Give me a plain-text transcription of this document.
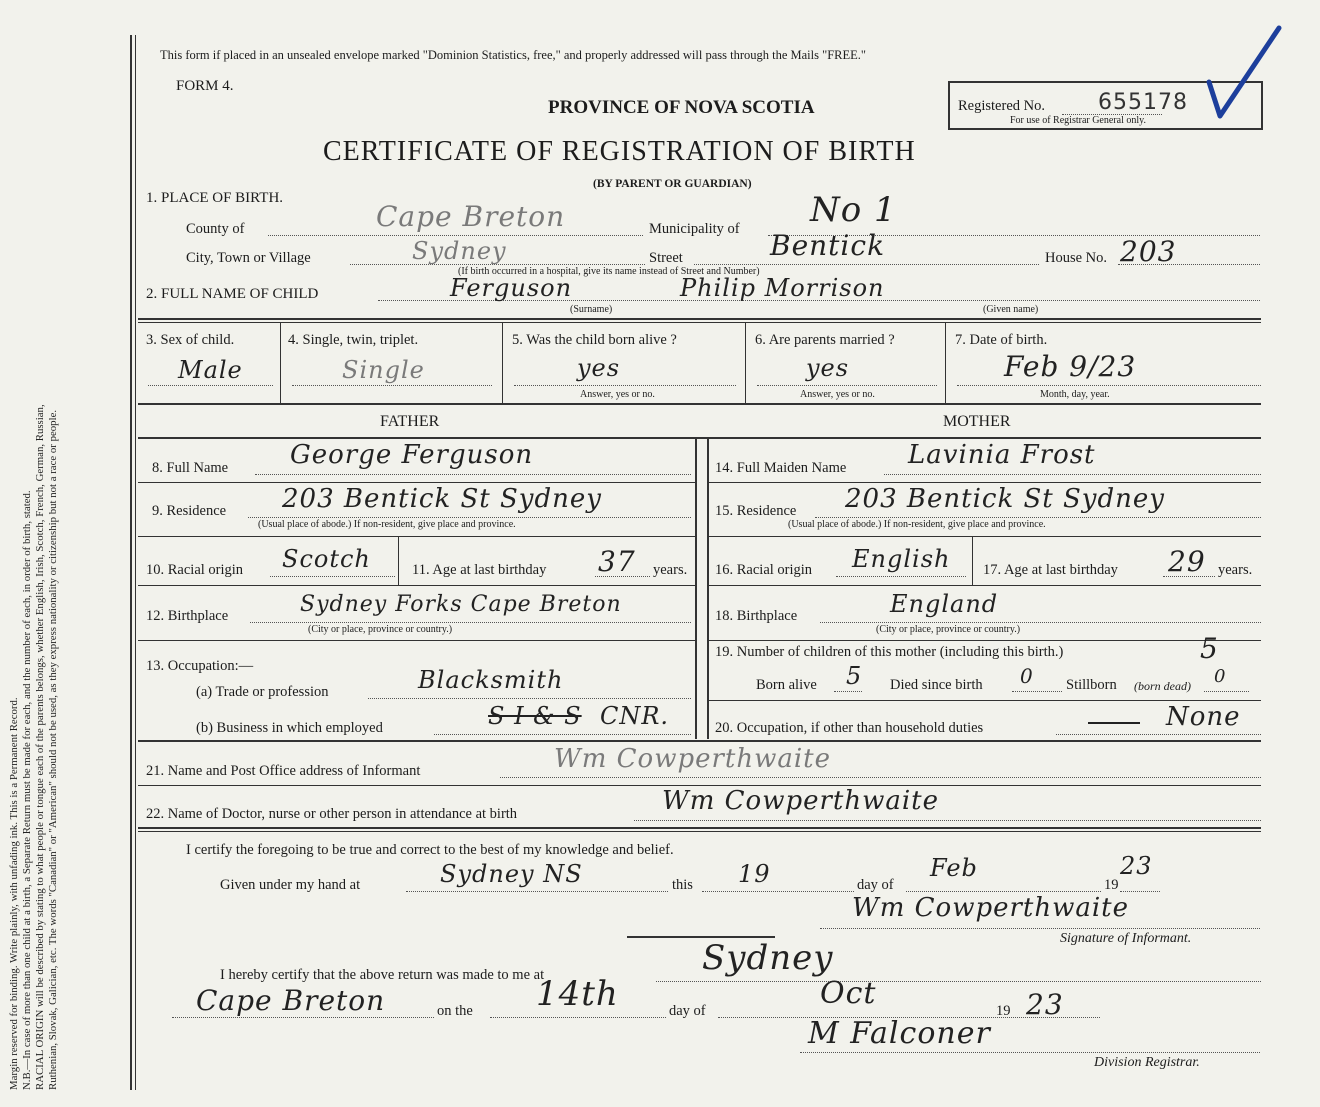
Margin reserved for binding. Write plainly, with unfading ink. This is a Permanent Record. N.B.—In case of more than one child at a birth, a Separate Return must be made for each, and the number of each, in order of birth, stated. RACIAL ORIGIN will be described by stating to what people or tongue each of the parents belongs, whether English, Irish, Scotch, French, German, Russian, Ruthenian, Slovak, Galician, etc. The words "Canadian" or "American" should not be used, as they express nationality or citizenship but not a race or people.
This form if placed in an unsealed envelope marked "Dominion Statistics, free," and properly addressed will pass through the Mails "FREE."
FORM 4.
PROVINCE OF NOVA SCOTIA
CERTIFICATE OF REGISTRATION OF BIRTH
(BY PARENT OR GUARDIAN)
Registered No. 655178
For use of Registrar General only.
1. PLACE OF BIRTH.
County of	Cape Breton	Municipality of No 1
City, Town or Village	Sydney	Street	Bentick	House No. 203
(If birth occurred in a hospital, give its name instead of Street and Number)
2. FULL NAME OF CHILD	Ferguson	Philip Morrison
(Surname)	(Given name)
3. Sex of child.
Male
4. Single, twin, triplet.
Single
5. Was the child born alive ?
yes
Answer, yes or no.
6. Are parents married ?
yes
Answer, yes or no.
7. Date of birth.
Feb 9/23
Month, day, year.
FATHER	MOTHER
8. Full Name George Ferguson
9. Residence 203 Bentick St Sydney
(Usual place of abode.) If non-resident, give place and province.
10. Racial origin Scotch	11. Age at last birthday 37 years.
12. Birthplace	Sydney Forks Cape Breton
(City or place, province or country.)
13. Occupation:—
(a) Trade or profession	Blacksmith
(b) Business in which employed	S I & S CNR.
14. Full Maiden Name Lavinia Frost
15. Residence 203 Bentick St Sydney
(Usual place of abode.) If non-resident, give place and province.
16. Racial origin English 17. Age at last birthday 29 years.
18. Birthplace	England
(City or place, province or country.)
19. Number of children of this mother (including this birth.)	5
Born alive 5 Died since birth 0 Stillborn (born dead) 0
20. Occupation, if other than household duties	None
21. Name and Post Office address of Informant	Wm Cowperthwaite
22. Name of Doctor, nurse or other person in attendance at birth	Wm Cowperthwaite
I certify the foregoing to be true and correct to the best of my knowledge and belief.
Given under my hand at	Sydney NS	this 19	day of
Feb
19
23
Wm Cowperthwaite
Signature of Informant.
I hereby certify that the above return was made to me at	Sydney
Cape Breton	on the 14th	day of	Oct	19 23
M Falconer
Division Registrar.
